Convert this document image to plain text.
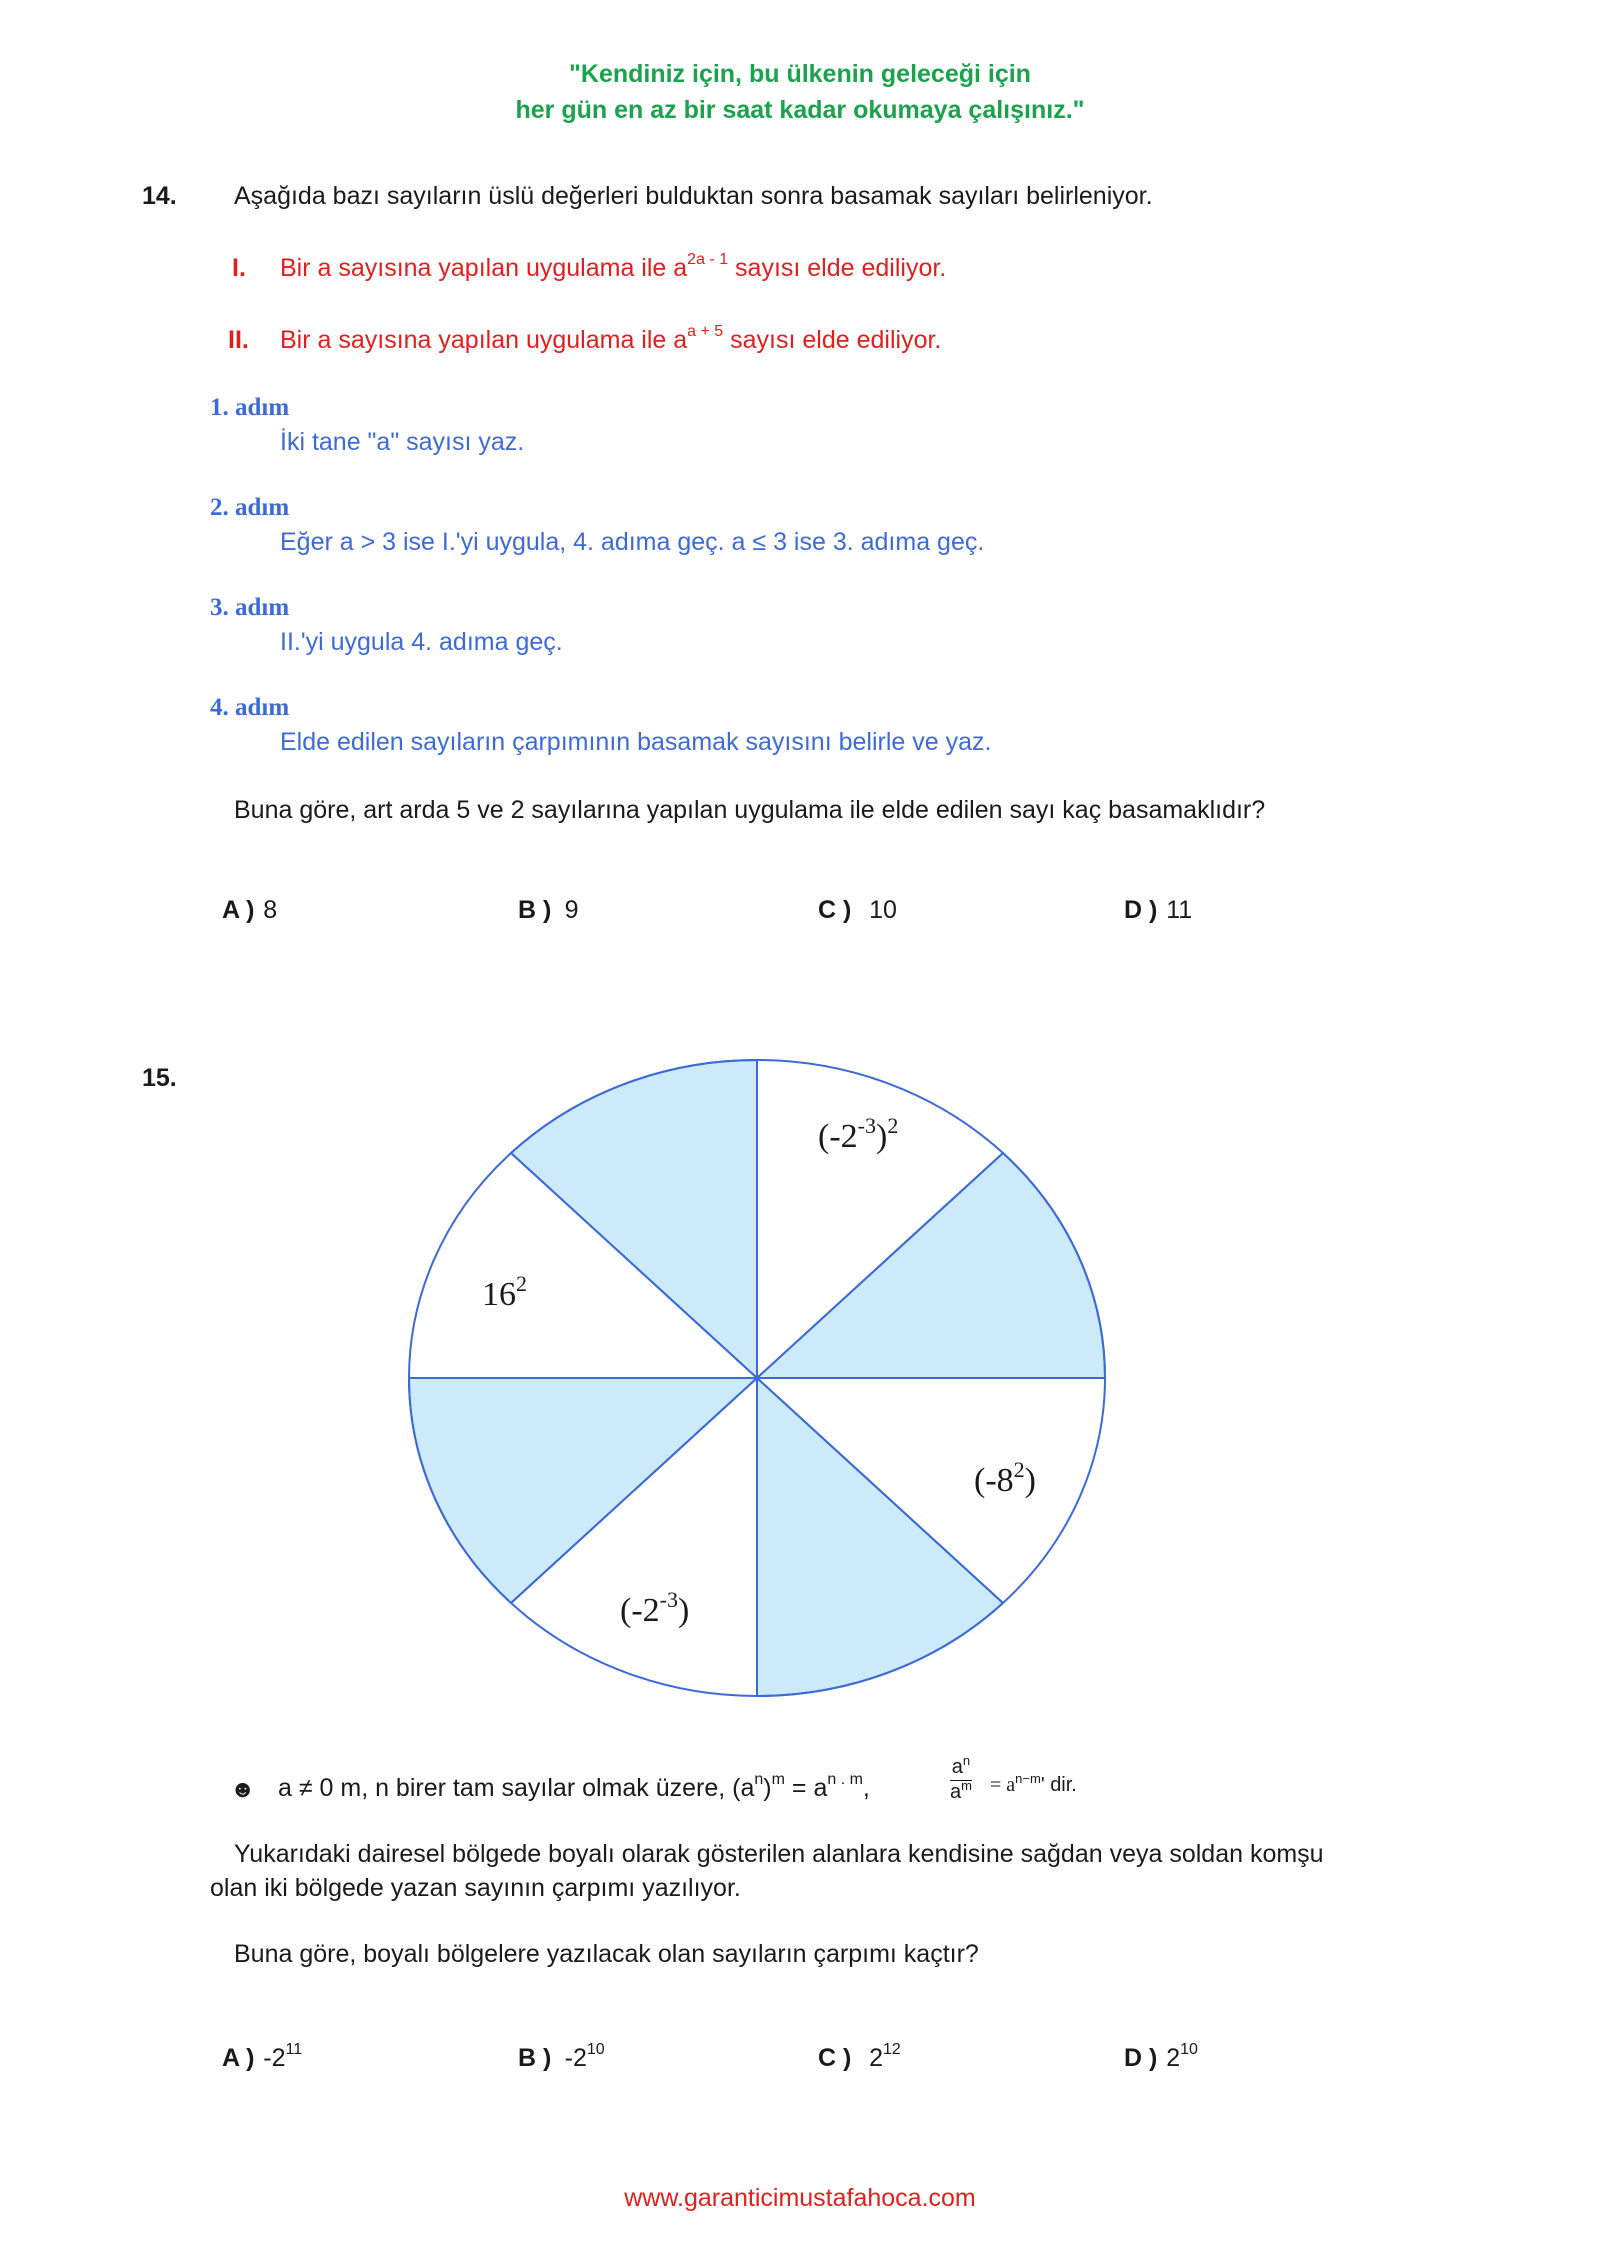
"Kendiniz için, bu ülkenin geleceği için
her gün en az bir saat kadar okumaya çalışınız."
14. Aşağıda bazı sayıların üslü değerleri bulduktan sonra basamak sayıları belirleniyor.
I. Bir a sayısına yapılan uygulama ile $a^{2a - 1}$ sayısı elde ediliyor.
II. Bir a sayısına yapılan uygulama ile $a^{a + 5}$ sayısı elde ediliyor.
1. adım
İki tane "a" sayısı yaz.
2. adım
Eğer a > 3 ise I.'yi uygula, 4. adıma geç. a ≤ 3 ise 3. adıma geç.
3. adım
II.'yi uygula 4. adıma geç.
4. adım
Elde edilen sayıların çarpımının basamak sayısını belirle ve yaz.
Buna göre, art arda 5 ve 2 sayılarına yapılan uygulama ile elde edilen sayı kaç basamaklıdır?
A ) 8	B ) 9	C ) 10	D ) 11
15.
$(-2^{-3})^2$
$16^2$
$(-8^2)$
$(-2^{-3})$
☻ a ≠ 0 m, n birer tam sayılar olmak üzere, $(a^n)^m = a^{n . m}$,	$\frac{a^n}{a^m} = a^{n-m}'$ dir.
Yukarıdaki dairesel bölgede boyalı olarak gösterilen alanlara kendisine sağdan veya soldan komşu
olan iki bölgede yazan sayının çarpımı yazılıyor.
Buna göre, boyalı bölgelere yazılacak olan sayıların çarpımı kaçtır?
A ) $-2^{11}$	B ) $-2^{10}$	C ) $2^{12}$	D ) $2^{10}$
www.garanticimustafahoca.com
